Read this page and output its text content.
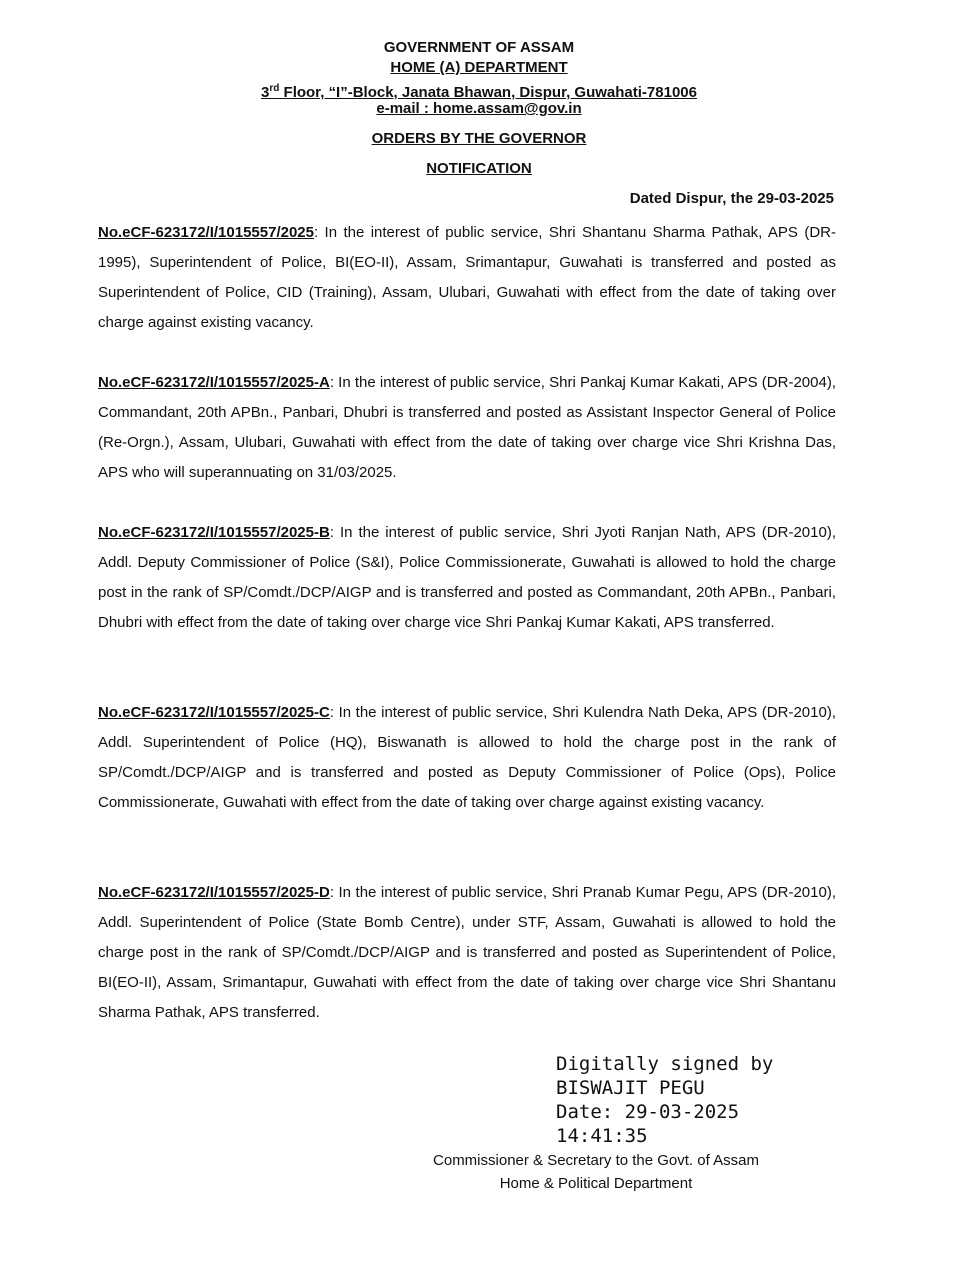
GOVERNMENT OF ASSAM
HOME (A) DEPARTMENT
3rd Floor, “I”-Block, Janata Bhawan, Dispur, Guwahati-781006
e-mail : home.assam@gov.in
ORDERS BY THE GOVERNOR
NOTIFICATION
Dated Dispur, the 29-03-2025

No.eCF-623172/I/1015557/2025: In the interest of public service, Shri Shantanu Sharma Pathak, APS (DR-1995), Superintendent of Police, BI(EO-II), Assam, Srimantapur, Guwahati is transferred and posted as Superintendent of Police, CID (Training), Assam, Ulubari, Guwahati with effect from the date of taking over charge against existing vacancy.

No.eCF-623172/I/1015557/2025-A: In the interest of public service, Shri Pankaj Kumar Kakati, APS (DR-2004), Commandant, 20th APBn., Panbari, Dhubri is transferred and posted as Assistant Inspector General of Police (Re-Orgn.), Assam, Ulubari, Guwahati with effect from the date of taking over charge vice Shri Krishna Das, APS who will superannuating on 31/03/2025.

No.eCF-623172/I/1015557/2025-B: In the interest of public service, Shri Jyoti Ranjan Nath, APS (DR-2010), Addl. Deputy Commissioner of Police (S&I), Police Commissionerate, Guwahati is allowed to hold the charge post in the rank of SP/Comdt./DCP/AIGP and is transferred and posted as Commandant, 20th APBn., Panbari, Dhubri with effect from the date of taking over charge vice Shri Pankaj Kumar Kakati, APS transferred.

No.eCF-623172/I/1015557/2025-C: In the interest of public service, Shri Kulendra Nath Deka, APS (DR-2010), Addl. Superintendent of Police (HQ), Biswanath is allowed to hold the charge post in the rank of SP/Comdt./DCP/AIGP and is transferred and posted as Deputy Commissioner of Police (Ops), Police Commissionerate, Guwahati with effect from the date of taking over charge against existing vacancy.

No.eCF-623172/I/1015557/2025-D: In the interest of public service, Shri Pranab Kumar Pegu, APS (DR-2010), Addl. Superintendent of Police (State Bomb Centre), under STF, Assam, Guwahati is allowed to hold the charge post in the rank of SP/Comdt./DCP/AIGP and is transferred and posted as Superintendent of Police, BI(EO-II), Assam, Srimantapur, Guwahati with effect from the date of taking over charge vice Shri Shantanu Sharma Pathak, APS transferred.

Digitally signed by
BISWAJIT PEGU
Date: 29-03-2025
14:41:35
Commissioner & Secretary to the Govt. of Assam
Home & Political Department
